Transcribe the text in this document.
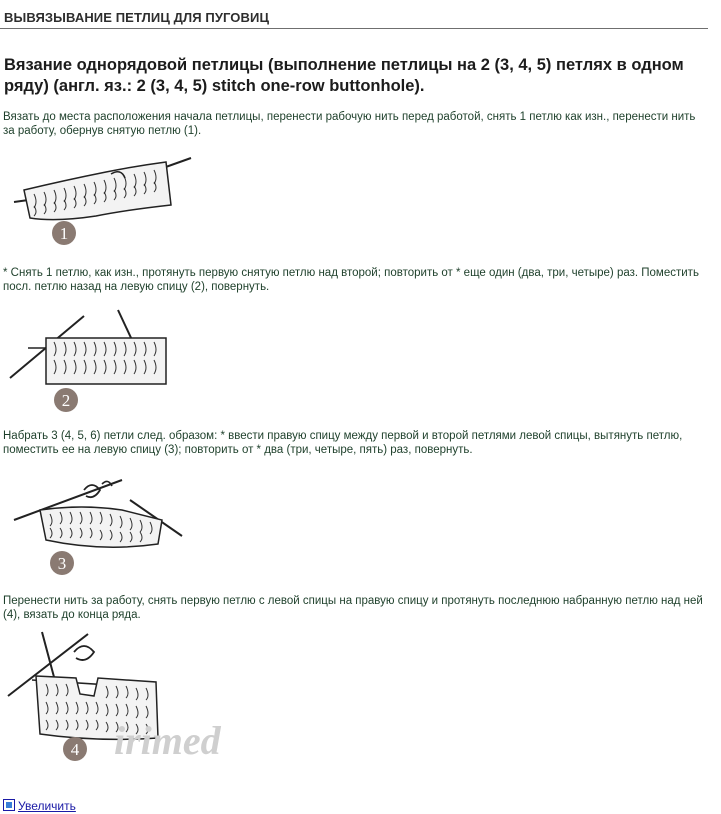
ВЫВЯЗЫВАНИЕ ПЕТЛИЦ ДЛЯ ПУГОВИЦ
Вязание однорядовой петлицы (выполнение петлицы на 2 (3, 4, 5) петлях в одном ряду) (англ. яз.: 2 (3, 4, 5) stitch one-row buttonhole).

Вязать до места расположения начала петлицы, перенести рабочую нить перед работой, снять 1 петлю как изн., перенести нить за работу, обернув снятую петлю (1).

1

* Снять 1 петлю, как изн., протянуть первую снятую петлю над второй; повторить от * еще один (два, три, четыре) раз. Поместить посл. петлю назад на левую спицу (2), повернуть.

2

Набрать 3 (4, 5, 6) петли след. образом: * ввести правую спицу между первой и второй петлями левой спицы, вытянуть петлю, поместить ее на левую спицу (3); повторить от * два (три, четыре, пять) раз, повернуть.

3

Перенести нить за работу, снять первую петлю с левой спицы на правую спицу и протянуть последнюю набранную петлю над ней (4), вязать до конца ряда.

4 irimed
Увеличить
